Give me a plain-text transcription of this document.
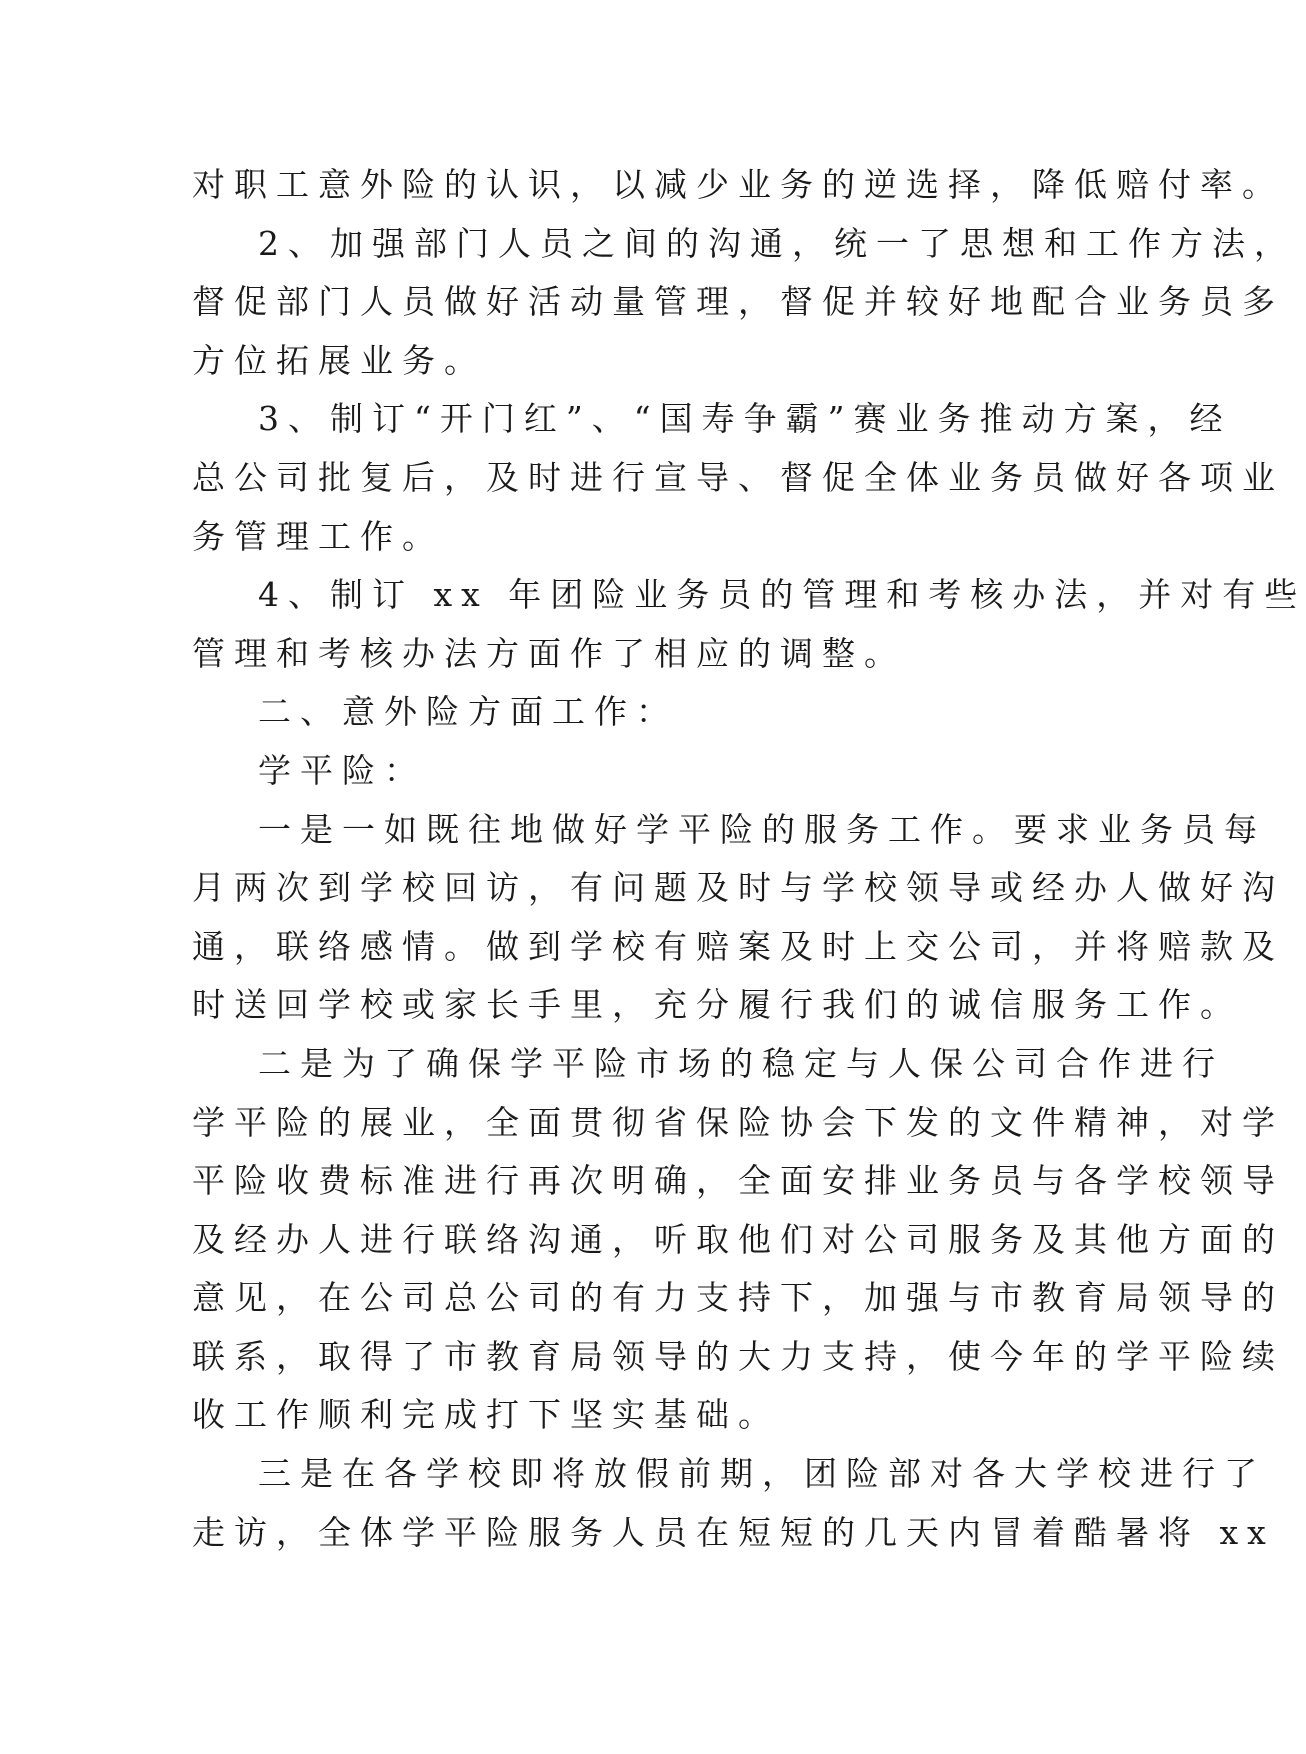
对职工意外险的认识，以减少业务的逆选择，降低赔付率。
2、加强部门人员之间的沟通，统一了思想和工作方法，
督促部门人员做好活动量管理，督促并较好地配合业务员多
方位拓展业务。
3、制订“开门红”、“国寿争霸”赛业务推动方案，经
总公司批复后，及时进行宣导、督促全体业务员做好各项业
务管理工作。
4、制订 xx 年团险业务员的管理和考核办法，并对有些
管理和考核办法方面作了相应的调整。
二、意外险方面工作：
学平险：
一是一如既往地做好学平险的服务工作。要求业务员每
月两次到学校回访，有问题及时与学校领导或经办人做好沟
通，联络感情。做到学校有赔案及时上交公司，并将赔款及
时送回学校或家长手里，充分履行我们的诚信服务工作。
二是为了确保学平险市场的稳定与人保公司合作进行
学平险的展业，全面贯彻省保险协会下发的文件精神，对学
平险收费标准进行再次明确，全面安排业务员与各学校领导
及经办人进行联络沟通，听取他们对公司服务及其他方面的
意见，在公司总公司的有力支持下，加强与市教育局领导的
联系，取得了市教育局领导的大力支持，使今年的学平险续
收工作顺利完成打下坚实基础。
三是在各学校即将放假前期，团险部对各大学校进行了
走访，全体学平险服务人员在短短的几天内冒着酷暑将 xx
